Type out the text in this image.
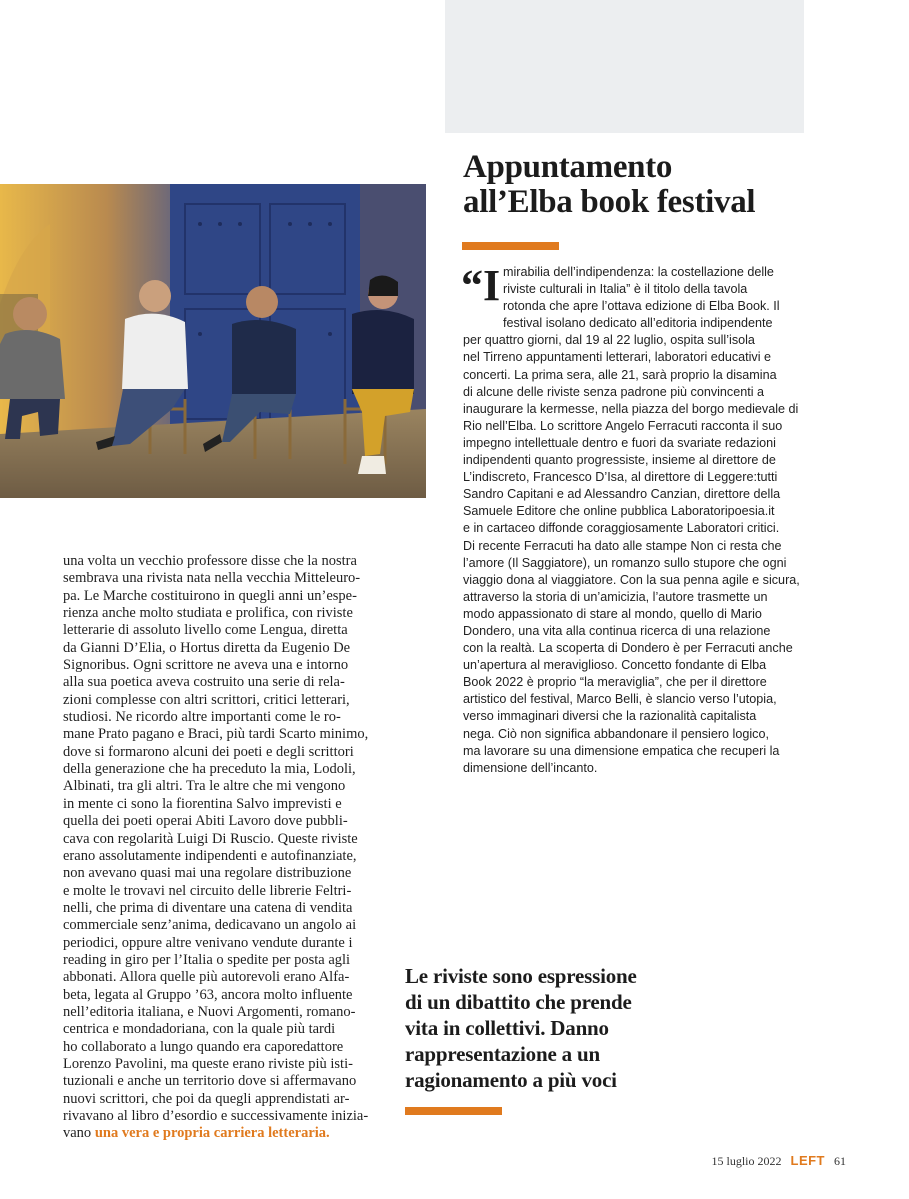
Appuntamento
all’Elba book festival
“I mirabilia dell’indipendenza: la costellazione delle
riviste culturali in Italia” è il titolo della tavola
rotonda che apre l’ottava edizione di Elba Book. Il
festival isolano dedicato all’editoria indipendente
per quattro giorni, dal 19 al 22 luglio, ospita sull’isola
nel Tirreno appuntamenti letterari, laboratori educativi e
concerti. La prima sera, alle 21, sarà proprio la disamina
di alcune delle riviste senza padrone più convincenti a
inaugurare la kermesse, nella piazza del borgo medievale di
Rio nell’Elba. Lo scrittore Angelo Ferracuti racconta il suo
impegno intellettuale dentro e fuori da svariate redazioni
indipendenti quanto progressiste, insieme al direttore de
L’indiscreto, Francesco D’Isa, al direttore di Leggere:tutti
Sandro Capitani e ad Alessandro Canzian, direttore della
Samuele Editore che online pubblica Laboratoripoesia.it
e in cartaceo diffonde coraggiosamente Laboratori critici.
Di recente Ferracuti ha dato alle stampe Non ci resta che
l’amore (Il Saggiatore), un romanzo sullo stupore che ogni
viaggio dona al viaggiatore. Con la sua penna agile e sicura,
attraverso la storia di un’amicizia, l’autore trasmette un
modo appassionato di stare al mondo, quello di Mario
Dondero, una vita alla continua ricerca di una relazione
con la realtà. La scoperta di Dondero è per Ferracuti anche
un’apertura al meraviglioso. Concetto fondante di Elba
Book 2022 è proprio “la meraviglia”, che per il direttore
artistico del festival, Marco Belli, è slancio verso l’utopia,
verso immaginari diversi che la razionalità capitalista
nega. Ciò non significa abbandonare il pensiero logico,
ma lavorare su una dimensione empatica che recuperi la
dimensione dell’incanto.
una volta un vecchio professore disse che la nostra
sembrava una rivista nata nella vecchia Mitteleuro-
pa. Le Marche costituirono in quegli anni un’espe-
rienza anche molto studiata e prolifica, con riviste
letterarie di assoluto livello come Lengua, diretta
da Gianni D’Elia, o Hortus diretta da Eugenio De
Signoribus. Ogni scrittore ne aveva una e intorno
alla sua poetica aveva costruito una serie di rela-
zioni complesse con altri scrittori, critici letterari,
studiosi. Ne ricordo altre importanti come le ro-
mane Prato pagano e Braci, più tardi Scarto minimo,
dove si formarono alcuni dei poeti e degli scrittori
della generazione che ha preceduto la mia, Lodoli,
Albinati, tra gli altri. Tra le altre che mi vengono
in mente ci sono la fiorentina Salvo imprevisti e
quella dei poeti operai Abiti Lavoro dove pubbli-
cava con regolarità Luigi Di Ruscio. Queste riviste
erano assolutamente indipendenti e autofinanziate,
non avevano quasi mai una regolare distribuzione
e molte le trovavi nel circuito delle librerie Feltri-
nelli, che prima di diventare una catena di vendita
commerciale senz’anima, dedicavano un angolo ai
periodici, oppure altre venivano vendute durante i
reading in giro per l’Italia o spedite per posta agli
abbonati. Allora quelle più autorevoli erano Alfa-
beta, legata al Gruppo ’63, ancora molto influente
nell’editoria italiana, e Nuovi Argomenti, romano-
centrica e mondadoriana, con la quale più tardi
ho collaborato a lungo quando era caporedattore
Lorenzo Pavolini, ma queste erano riviste più isti-
tuzionali e anche un territorio dove si affermavano
nuovi scrittori, che poi da quegli apprendistati ar-
rivavano al libro d’esordio e successivamente inizia-
vano una vera e propria carriera letteraria.
Le riviste sono espressione
di un dibattito che prende
vita in collettivi. Danno
rappresentazione a un
ragionamento a più voci
15 luglio 2022 LEFT 61
